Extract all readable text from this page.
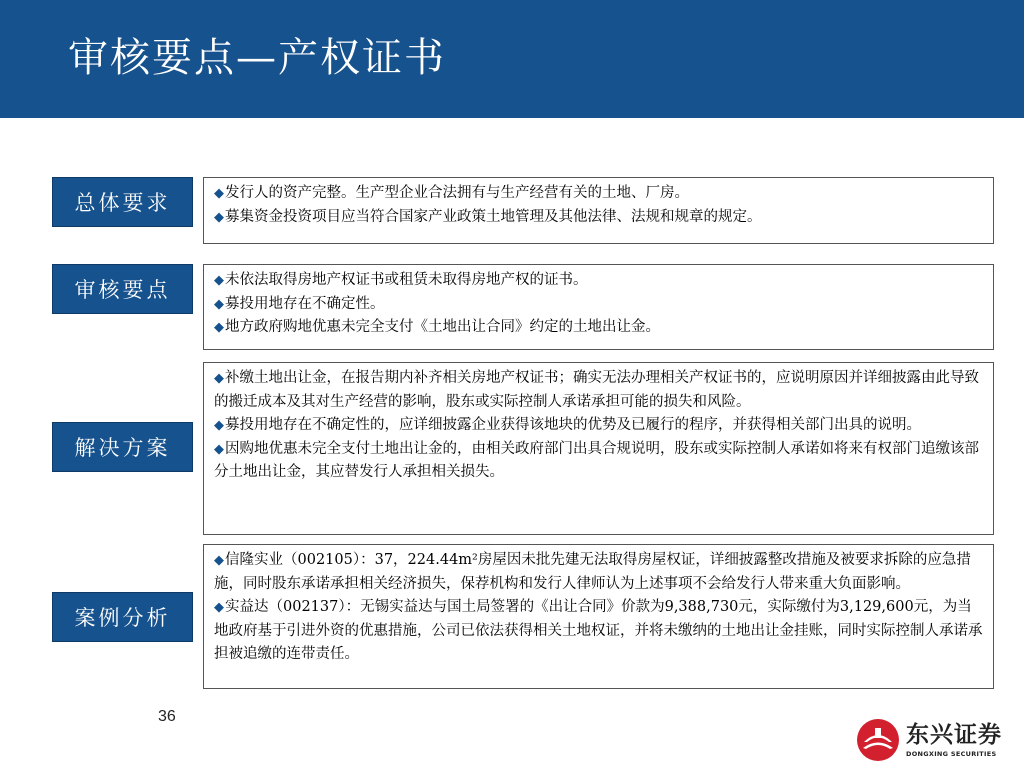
审核要点—产权证书
总体要求	◆发行人的资产完整。生产型企业合法拥有与生产经营有关的土地、厂房。

◆募集资金投资项目应当符合国家产业政策土地管理及其他法律、法规和规章的规定。

审核要点	◆未依法取得房地产权证书或租赁未取得房地产权的证书。

◆募投用地存在不确定性。

◆地方政府购地优惠未完全支付《土地出让合同》约定的土地出让金。

解决方案

◆补缴土地出让金，在报告期内补齐相关房地产权证书；确实无法办理相关产权证书的，应说明原因并详细披露由此导致的搬迁成本及其对生产经营的影响，股东或实际控制人承诺承担可能的损失和风险。

◆募投用地存在不确定性的，应详细披露企业获得该地块的优势及已履行的程序，并获得相关部门出具的说明。

◆因购地优惠未完全支付土地出让金的，由相关政府部门出具合规说明，股东或实际控制人承诺如将来有权部门追缴该部分土地出让金，其应替发行人承担相关损失。

案例分析

◆信隆实业（002105）：37，224.44m²房屋因未批先建无法取得房屋权证，详细披露整改措施及被要求拆除的应急措施，同时股东承诺承担相关经济损失，保荐机构和发行人律师认为上述事项不会给发行人带来重大负面影响。

◆实益达（002137）：无锡实益达与国土局签署的《出让合同》价款为9,388,730元，实际缴付为3,129,600元，为当地政府基于引进外资的优惠措施，公司已依法获得相关土地权证，并将未缴纳的土地出让金挂账，同时实际控制人承诺承担被追缴的连带责任。

36
东兴证券
DONGXING SECURITIES
